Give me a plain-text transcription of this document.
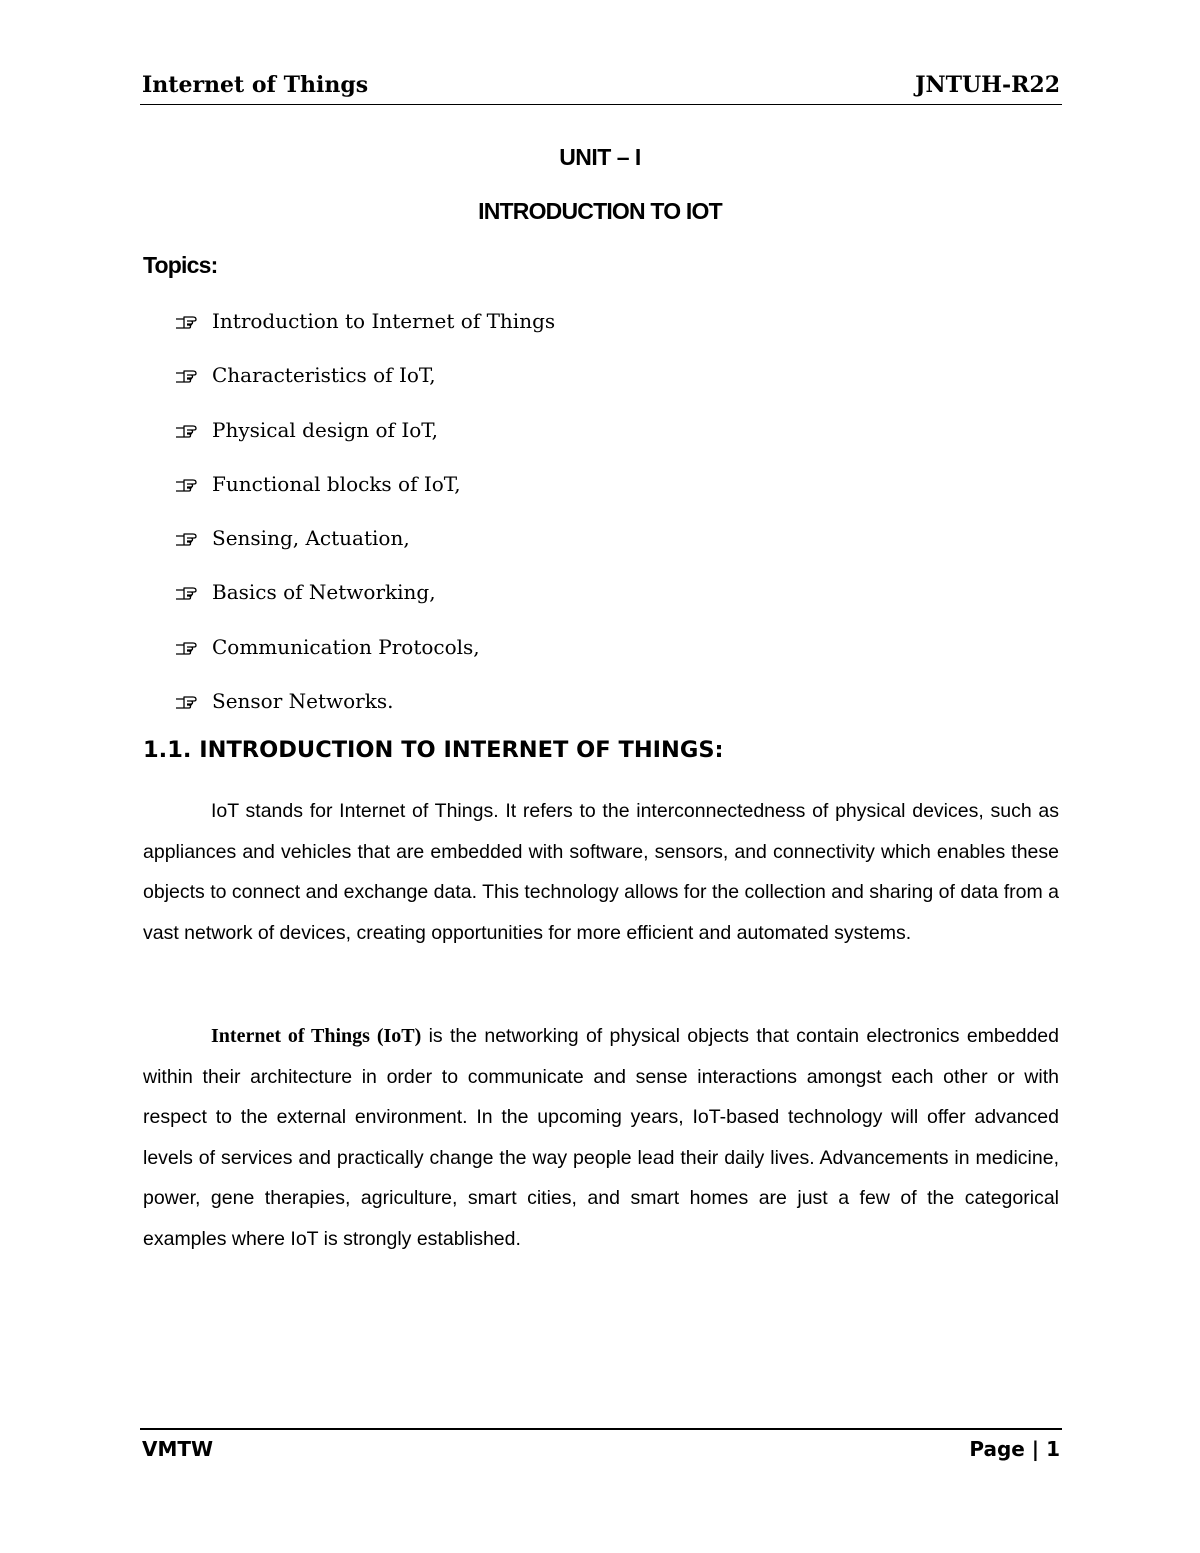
Internet of Things	JNTUH-R22
UNIT – I
INTRODUCTION TO IOT
Topics:
Introduction to Internet of Things
Characteristics of IoT,
Physical design of IoT,
Functional blocks of IoT,
Sensing, Actuation,
Basics of Networking,
Communication Protocols,
Sensor Networks.
1.1. INTRODUCTION TO INTERNET OF THINGS:

IoT stands for Internet of Things. It refers to the interconnectedness of physical devices, such as appliances and vehicles that are embedded with software, sensors, and connectivity which enables these objects to connect and exchange data. This technology allows for the collection and sharing of data from a vast network of devices, creating opportunities for more efficient and automated systems.

Internet of Things (IoT) is the networking of physical objects that contain electronics embedded within their architecture in order to communicate and sense interactions amongst each other or with respect to the external environment. In the upcoming years, IoT-based technology will offer advanced levels of services and practically change the way people lead their daily lives. Advancements in medicine, power, gene therapies, agriculture, smart cities, and smart homes are just a few of the categorical examples where IoT is strongly established.

VMTW	Page | 1
